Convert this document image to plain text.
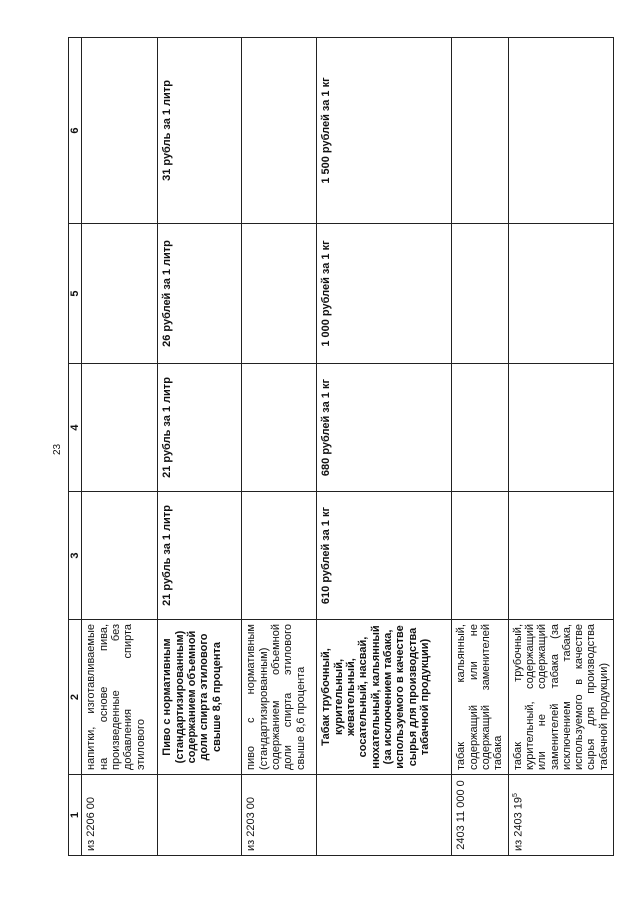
23
1	2	3	4	5	6
из 2206 00	напитки, изготавливаемые на основе пива, произведенные без добавления спирта этилового				
	Пиво с нормативным (стандартизированным) содержанием объемной доли спирта этилового свыше 8,6 процента	21 рубль за 1 литр	21 рубль за 1 литр	26 рублей за 1 литр	31 рубль за 1 литр
из 2203 00	пиво с нормативным (стандартизированным) содержанием объемной доли спирта этилового свыше 8,6 процента				
	Табак трубочный, курительный, жевательный, сосательный, насвай, нюхательный, кальянный (за исключением табака, используемого в качестве сырья для производства табачной продукции)	610 рублей за 1 кг	680 рублей за 1 кг	1 000 рублей за 1 кг	1 500 рублей за 1 кг
2403 11 000 0	табак кальянный, содержащий или не содержащий заменителей табака				
из 2403 $19^5$	табак трубочный, курительный, содержащий или не содержащий заменителей табака (за исключением табака, используемого в качестве сырья для производства табачной продукции)				
